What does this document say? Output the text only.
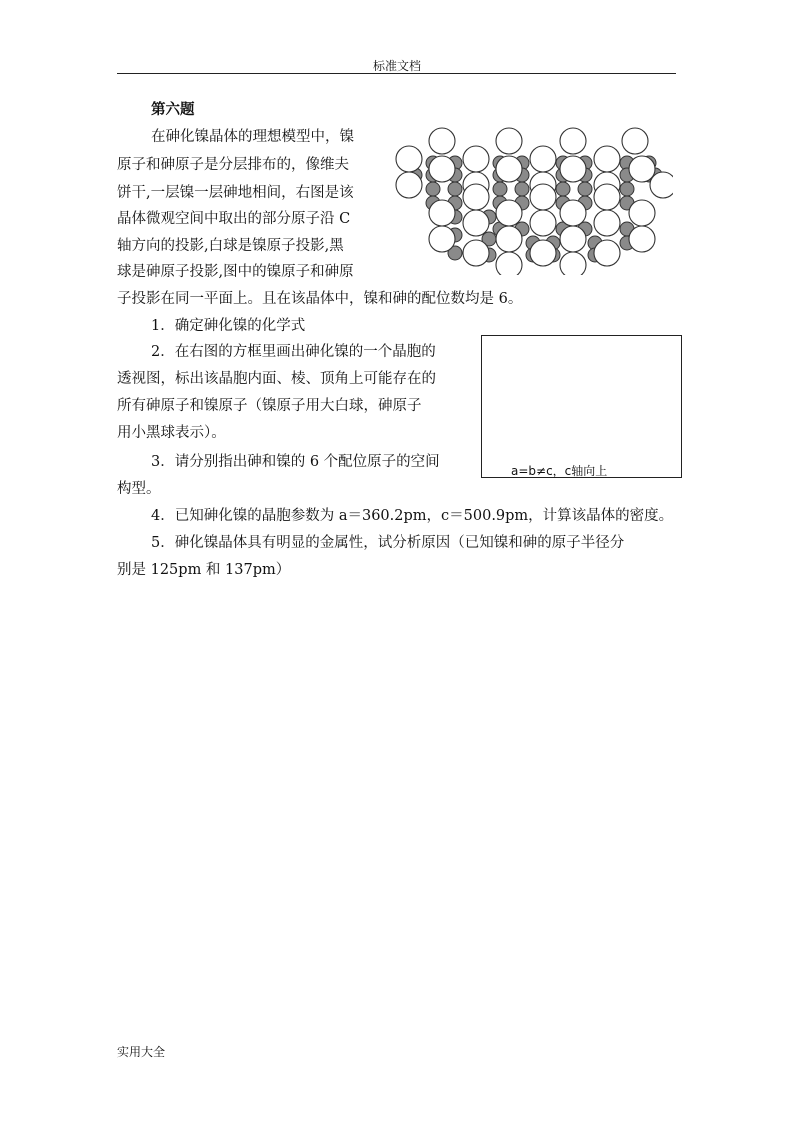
标准文档
第六题
在砷化镍晶体的理想模型中，镍
原子和砷原子是分层排布的，像维夫
饼干,一层镍一层砷地相间，右图是该
晶体微观空间中取出的部分原子沿 C
轴方向的投影,白球是镍原子投影,黑
球是砷原子投影,图中的镍原子和砷原
子投影在同一平面上。且在该晶体中，镍和砷的配位数均是 6。
1．确定砷化镍的化学式
2．在右图的方框里画出砷化镍的一个晶胞的
透视图，标出该晶胞内面、棱、顶角上可能存在的
所有砷原子和镍原子（镍原子用大白球，砷原子
用小黑球表示）。
a=b≠c，c轴向上
3．请分别指出砷和镍的 6 个配位原子的空间
构型。
4．已知砷化镍的晶胞参数为 a＝360.2pm，c＝500.9pm，计算该晶体的密度。
5．砷化镍晶体具有明显的金属性，试分析原因（已知镍和砷的原子半径分
别是 125pm 和 137pm）
实用大全
